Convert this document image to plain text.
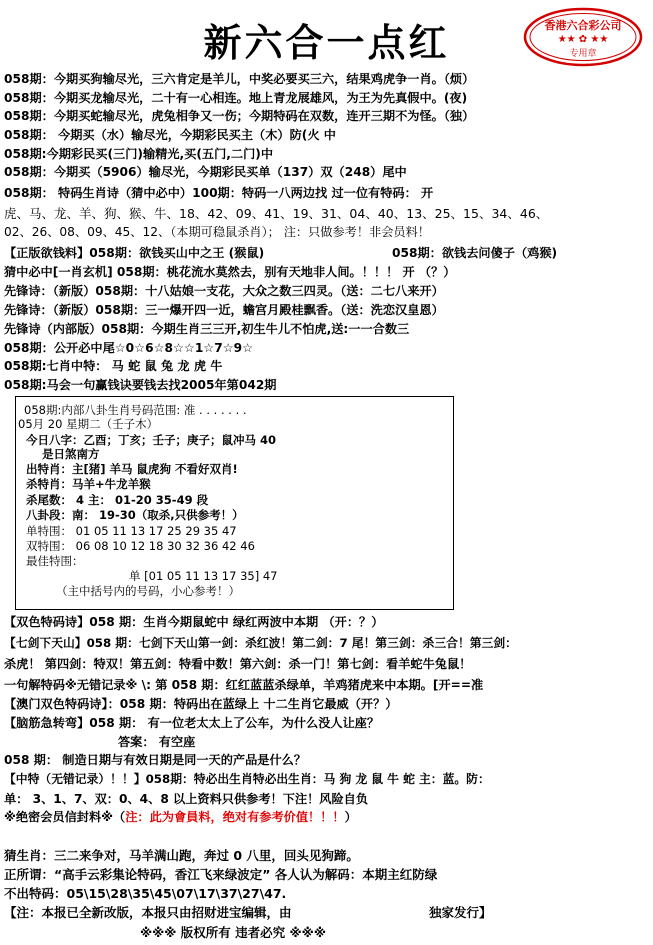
新六合一点红	香港六合彩公司
★★ ✿ ★★
专用章
058期：今期买狗输尽光，三六肯定是羊儿，中奖必要买三六，结果鸡虎争一肖。（烦）
058期：今期买龙输尽光，二十有一心相连。地上青龙展雄风，为王为先真假中。(夜)
058期：今期买蛇输尽光，虎兔相争又一伤；今期特码在双数，连开三期不为怪。（独）
058期： 今期买（水）输尽光，今期彩民买主（木）防(火 中
058期:今期彩民买(三门)输精光,买(五门,二门)中
058期：今期买（5906）输尽光，今期彩民买单（137）双（248）尾中
058期： 特码生肖诗（猜中必中）100期：特码一八两边找 过一位有特码： 开
虎、马、龙、羊、狗、猴、牛、18、42、09、41、19、31、04、40、13、25、15、34、46、
02、26、08、09、45、12、（本期可稳鼠杀肖）； 注：只做参考！非会员料！
【正版欲钱料】058期：欲钱买山中之王 (猴鼠)	058期：欲钱去问傻子（鸡猴)
猜中必中[一肖玄机] 058期：桃花流水莫然去，别有天地非人间。！！！ 开 （？）
先锋诗：（新版）058期：十八姑娘一支花，大众之数三四灵。（送：二七八来开）
先锋诗：（新版）058期：三一爆开四一近，蟾宫月殿桂飘香。（送：洗恋汉皇恩）
先锋诗（内部版）058期：今期生肖三三开,初生牛儿不怕虎,送:一一合数三
058期：公开必中尾☆0☆6☆8☆☆1☆7☆9☆
058期:七肖中特： 马 蛇 鼠 兔 龙 虎 牛
058期:马会一句赢钱诀要钱去找2005年第042期
058期:内部八卦生肖号码范围: 准 . . . . . . .
05月 20 星期二（壬子木）
今日八字：乙酉；丁亥；壬子；庚子；鼠冲马 40
是日煞南方
出特肖：主[猪] 羊马 鼠虎狗 不看好双肖!
杀特肖：马羊+牛龙羊猴
杀尾数： 4 主： 01-20 35-49 段
八卦段：南： 19-30（取杀,只供参考！）
单特围： 01 05 11 13 17 25 29 35 47
双特围： 06 08 10 12 18 30 32 36 42 46
最佳特围：
单 [01 05 11 13 17 35] 47
（主中括号内的号码，小心参考！）
【双色特码诗】058 期：生肖今期鼠蛇中 绿红两波中本期 （开：？）
【七剑下天山】058 期：七剑下天山第一剑：杀红波！第二剑：7 尾！第三剑：杀三合！第三剑：
杀虎！ 第四剑：特双！第五剑：特看中数！第六剑：杀一门！第七剑：看羊蛇牛兔鼠！
一句解特码※无错记录※ \: 第 058 期：红红蓝蓝杀绿单，羊鸡猪虎来中本期。[开==准
【澳门双色特码诗】：058 期：特码出在蓝绿上 十二生肖它最威（开？）
【脑筋急转弯】058 期： 有一位老太太上了公车，为什么没人让座？
答案： 有空座
058 期： 制造日期与有效日期是同一天的产品是什么？
【中特（无错记录）！！】058期：特必出生肖特必出生肖：马 狗 龙 鼠 牛 蛇 主：蓝。防：
单： 3、1、7、双：0、4、8 以上资料只供参考！下注！风险自负
※绝密会员信封料※（注：此为會員料，绝对有参考价值！！！）
猜生肖：三二来争对，马羊满山跑，奔过 0 八里，回头见狗蹄。
正所谓：“高手云彩集论特码，香江飞来绿波定” 各人认为解码：本期主红防绿
不出特码：05\15\28\35\45\07\17\37\27\47.
【注：本报已全新改版，本报只由招财进宝编辑，由	独家发行】
※※※ 版权所有 违者必究 ※※※
